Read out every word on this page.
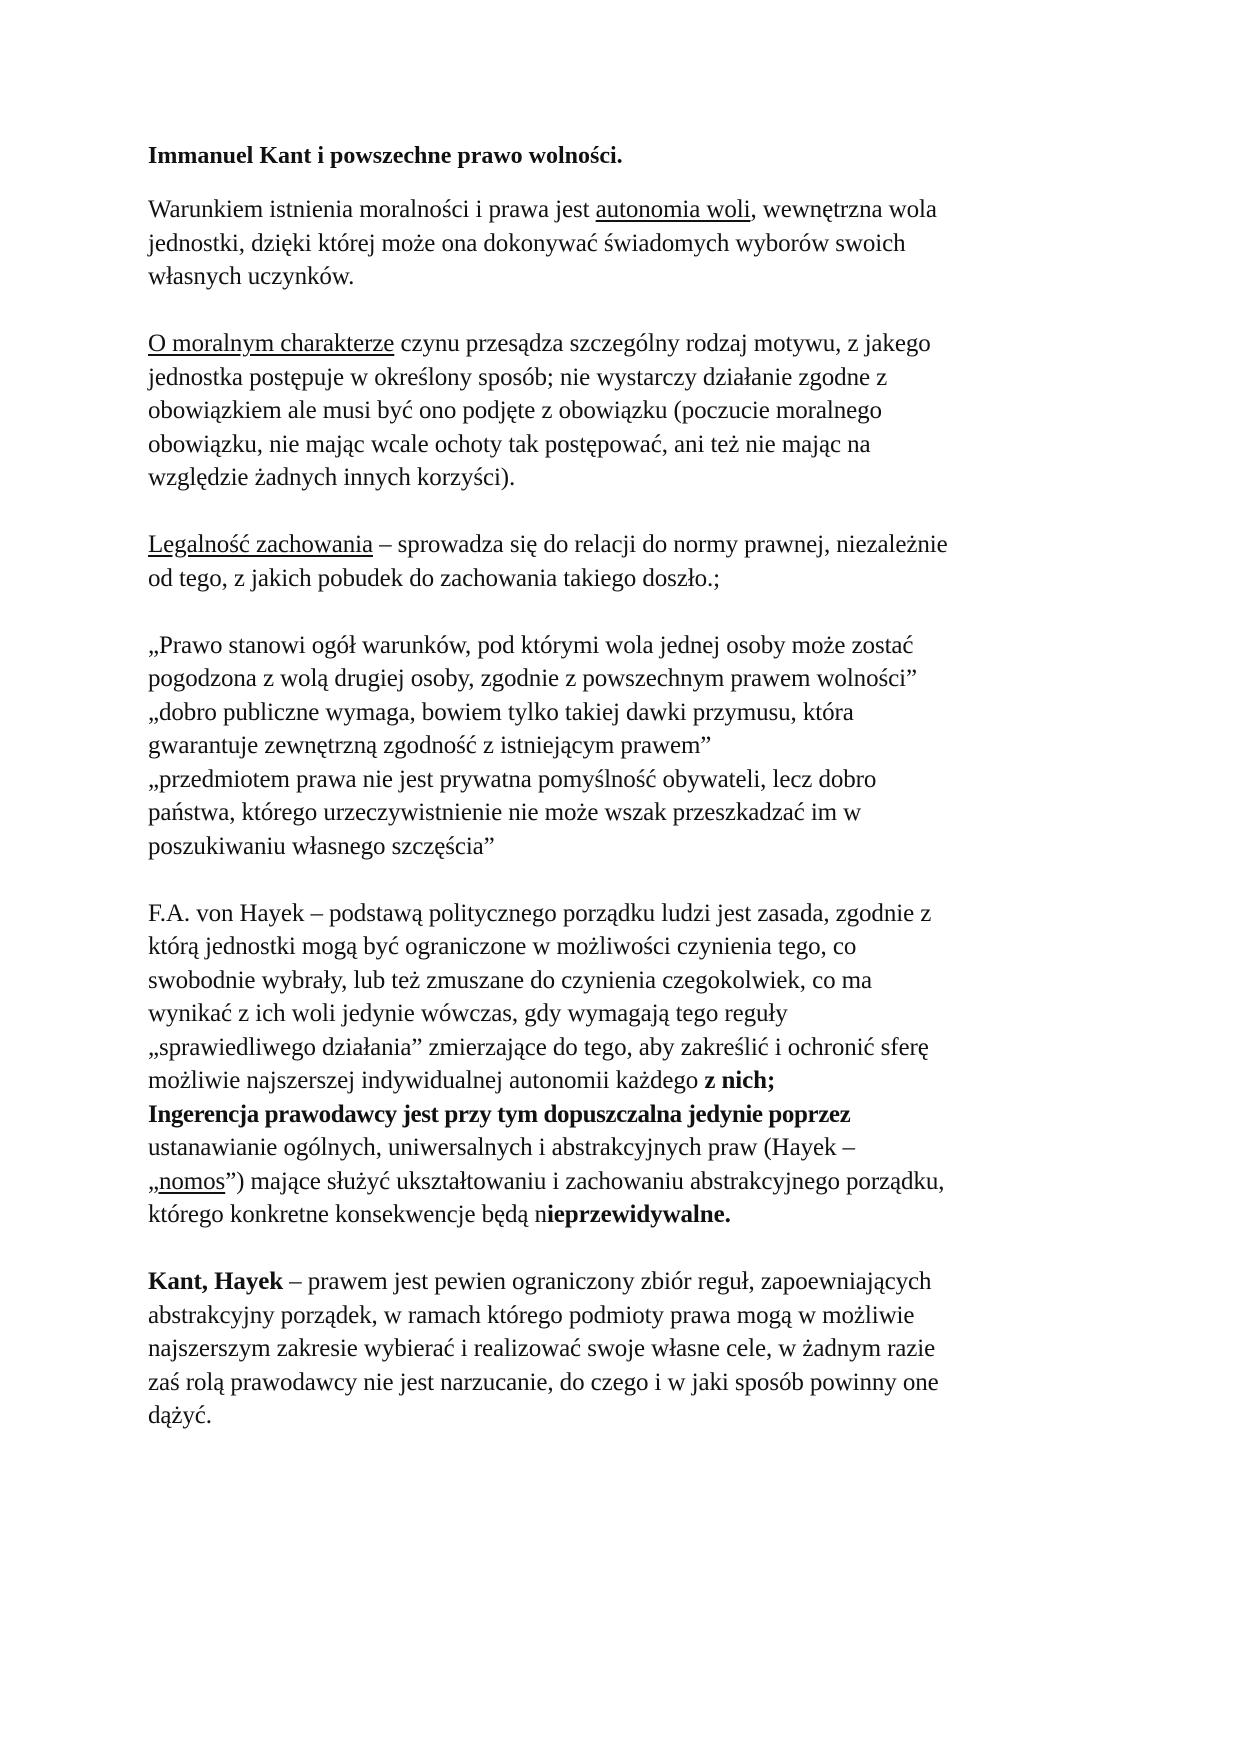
Immanuel Kant i powszechne prawo wolności.
Warunkiem istnienia moralności i prawa jest autonomia woli, wewnętrzna wola
jednostki, dzięki której może ona dokonywać świadomych wyborów swoich
własnych uczynków.
O moralnym charakterze czynu przesądza szczególny rodzaj motywu, z jakego
jednostka postępuje w określony sposób; nie wystarczy działanie zgodne z
obowiązkiem ale musi być ono podjęte z obowiązku (poczucie moralnego
obowiązku, nie mając wcale ochoty tak postępować, ani też nie mając na
względzie żadnych innych korzyści).
Legalność zachowania – sprowadza się do relacji do normy prawnej, niezależnie
od tego, z jakich pobudek do zachowania takiego doszło.;
„Prawo stanowi ogół warunków, pod którymi wola jednej osoby może zostać
pogodzona z wolą drugiej osoby, zgodnie z powszechnym prawem wolności”
„dobro publiczne wymaga, bowiem tylko takiej dawki przymusu, która
gwarantuje zewnętrzną zgodność z istniejącym prawem”
„przedmiotem prawa nie jest prywatna pomyślność obywateli, lecz dobro
państwa, którego urzeczywistnienie nie może wszak przeszkadzać im w
poszukiwaniu własnego szczęścia”
F.A. von Hayek – podstawą politycznego porządku ludzi jest zasada, zgodnie z
którą jednostki mogą być ograniczone w możliwości czynienia tego, co
swobodnie wybrały, lub też zmuszane do czynienia czegokolwiek, co ma
wynikać z ich woli jedynie wówczas, gdy wymagają tego reguły
„sprawiedliwego działania” zmierzające do tego, aby zakreślić i ochronić sferę
możliwie najszerszej indywidualnej autonomii każdego z nich;
Ingerencja prawodawcy jest przy tym dopuszczalna jedynie poprzez
ustanawianie ogólnych, uniwersalnych i abstrakcyjnych praw (Hayek –
„nomos”) mające służyć ukształtowaniu i zachowaniu abstrakcyjnego porządku,
którego konkretne konsekwencje będą nieprzewidywalne.
Kant, Hayek – prawem jest pewien ograniczony zbiór reguł, zapoewniających
abstrakcyjny porządek, w ramach którego podmioty prawa mogą w możliwie
najszerszym zakresie wybierać i realizować swoje własne cele, w żadnym razie
zaś rolą prawodawcy nie jest narzucanie, do czego i w jaki sposób powinny one
dążyć.
